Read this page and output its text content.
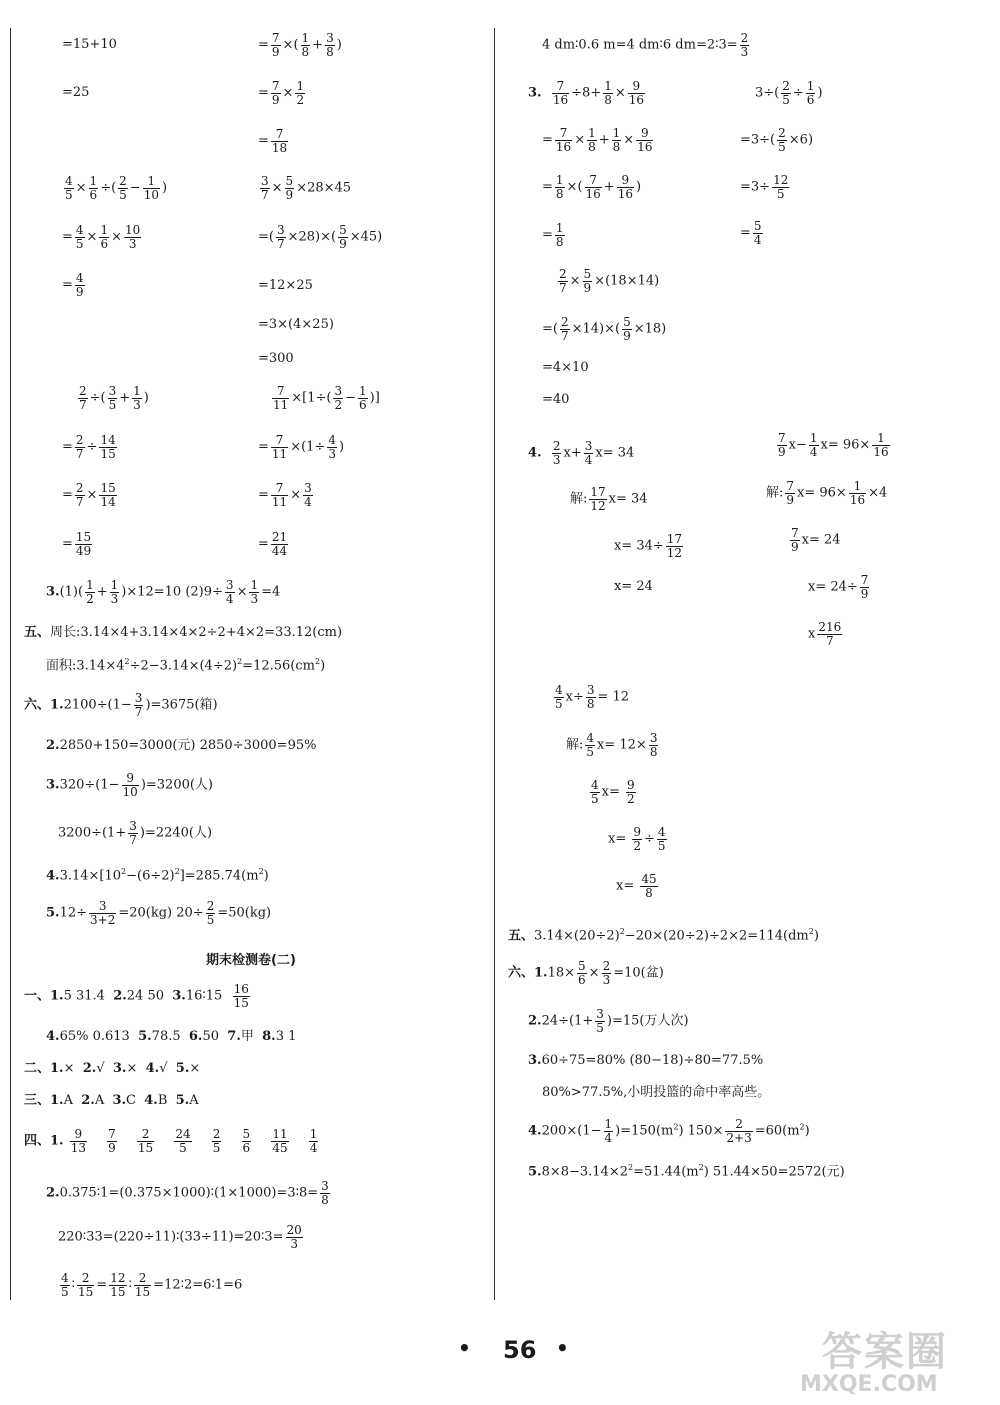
=15+10
=25
= $\frac{7}{9}$ ×( $\frac{1}{8} + \frac{3}{8}$ )
= $\frac{7}{9} \times \frac{1}{2}$
= $\frac{7}{18}$
$\frac{4}{5} \times \frac{1}{6}$ ÷( $\frac{2}{5} - \frac{1}{10}$ )
= $\frac{4}{5} \times \frac{1}{6} \times \frac{10}{3}$
= $\frac{4}{9}$
$\frac{3}{7} \times \frac{5}{9} \times 28\times 45$
=( $\frac{3}{7} \times 28)\times( \frac{5}{9} \times 45)$
=12×25
=3×(4×25)
=300
$\frac{2}{7}$ ÷( $\frac{3}{5} + \frac{1}{3}$ )
= $\frac{2}{7} \div \frac{14}{15}$
= $\frac{2}{7} \times \frac{15}{14}$
= $\frac{15}{49}$
$\frac{7}{11} \times[1\div( \frac{3}{2} - \frac{1}{6}$ )]
= $\frac{7}{11} \times(1\div \frac{4}{3}$ )
= $\frac{7}{11} \times \frac{3}{4}$
= $\frac{21}{44}$
$3.(1)( \frac{1}{2} + \frac{1}{3} )\times 12=10$ $(2)9\div \frac{3}{4} \times \frac{1}{3} =4$
五、周长:3.14×4+3.14×4×2÷2+4×2=33.12(cm)
面积$:3.14\times 4^2\div 2-3.14\times(4\div 2)^2=12.56(cm^2)$
六、$1.2100\div(1- \frac{3}{7} )=3675$(箱)
2.2850+150=3000(元) 2850÷3000=95%
$3.320\div(1- \frac{9}{10} )=3200$(人)
$3200\div(1+ \frac{3}{7} )=2240$(人)
$4.3.14\times[10^2-(6\div 2)^2]=285.74(m^2)$
$5.12\div \frac{3}{3+2} =20(kg)$ $20\div \frac{2}{5} =50(kg)$
期末检测卷(二)
一、1.5 31.4 2.24 50 3.16∶15 $\frac{16}{15}$
4.65% 0.613 5.78.5 6.50 7.甲 8.3 1
二、1.× 2.√ 3.× 4.√ 5.×
三、1.A 2.A 3.C 4.B 5.A
四、1. $\frac{9}{13}$
$\frac{7}{9}$
$\frac{2}{15}$
$\frac{24}{5}$
$\frac{2}{5}$
$\frac{5}{6}$
$\frac{11}{45}$
$\frac{1}{4}$
2.0.375∶1=(0.375×1000)∶(1×1000)=3∶8= $\frac{3}{8}$
220∶33=(220÷11)∶(33÷11)=20∶3= $\frac{20}{3}$
$\frac{4}{5}$ ∶ $\frac{2}{15} = \frac{12}{15}$ ∶ $\frac{2}{15}$ =12∶2=6∶1=6
4 dm∶0.6 m=4 dm∶6 dm=2∶3= $\frac{2}{3}$
3. $\frac{7}{16} \div 8+ \frac{1}{8} \times \frac{9}{16}$
= $\frac{7}{16} \times \frac{1}{8} + \frac{1}{8} \times \frac{9}{16}$
= $\frac{1}{8}$ ×( $\frac{7}{16} + \frac{9}{16}$ )
= $\frac{1}{8}$
$3\div( \frac{2}{5} \div \frac{1}{6}$ )
$=3\div( \frac{2}{5} \times 6)$
$=3\div \frac{12}{5}$
= $\frac{5}{4}$
$\frac{2}{7} \times \frac{5}{9} \times(18\times 14)$
=( $\frac{2}{7} \times 14)\times( \frac{5}{9} \times 18)$
=4×10
=40
4. $\frac{2}{3} x+ \frac{3}{4} x= 34$
解: $\frac{17}{12} x= 34$
$x= 34\div \frac{17}{12}$
x= 24
$\frac{7}{9} x- \frac{1}{4} x= 96\times \frac{1}{16}$
解: $\frac{7}{9} x= 96\times \frac{1}{16} \times 4$
$\frac{7}{9} x= 24$
$x= 24\div \frac{7}{9}$
x $\frac{216}{7}$
$\frac{4}{5} x\div \frac{3}{8} = 12$
解: $\frac{4}{5} x= 12\times \frac{3}{8}$
$\frac{4}{5} x= \frac{9}{2}$
$x= \frac{9}{2} \div \frac{4}{5}$
$x= \frac{45}{8}$
五、$3.14\times(20\div 2)^2-20\times(20\div 2)\div 2\times 2=114(dm^2)$
六、$1.18\times \frac{5}{6} \times \frac{2}{3} =10$(盆)
$2.24\div(1+ \frac{3}{5} )=15$(万人次)
3.60÷75=80% (80−18)÷80=77.5%
80%>77.5%,小明投篮的命中率高些。
$4.200\times(1- \frac{1}{4} )=150(m^2)$ $150\times \frac{2}{2+3} =60(m^2)$
$5.8\times 8-3.14\times 2^2=51.44(m^2)$ 51.44×50=2572(元)
• 56 •	答案圈
MXQE.COM
